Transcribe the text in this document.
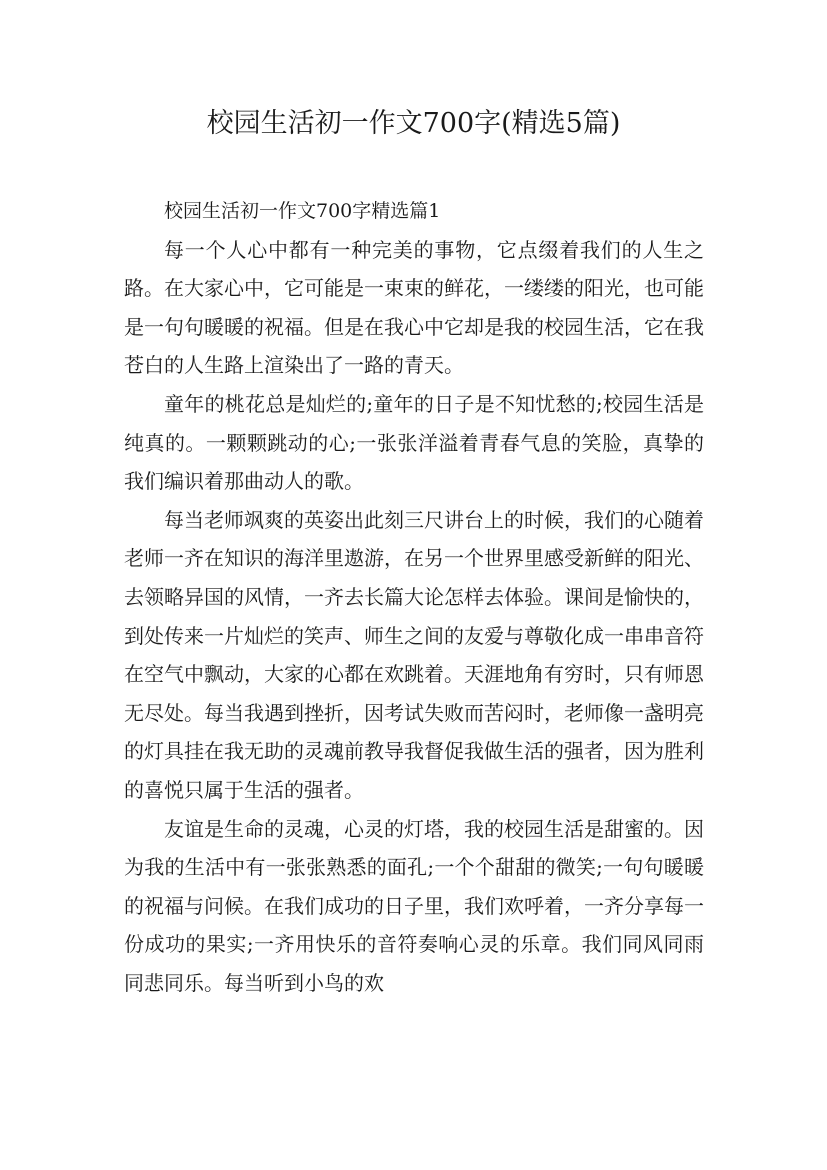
校园生活初一作文700字(精选5篇)

校园生活初一作文700字精选篇1

每一个人心中都有一种完美的事物，它点缀着我们的人生之路。在大家心中，它可能是一束束的鲜花，一缕缕的阳光，也可能是一句句暖暖的祝福。但是在我心中它却是我的校园生活，它在我苍白的人生路上渲染出了一路的青天。

童年的桃花总是灿烂的;童年的日子是不知忧愁的;校园生活是纯真的。一颗颗跳动的心;一张张洋溢着青春气息的笑脸，真挚的我们编识着那曲动人的歌。

每当老师飒爽的英姿出此刻三尺讲台上的时候，我们的心随着老师一齐在知识的海洋里遨游，在另一个世界里感受新鲜的阳光、去领略异国的风情，一齐去长篇大论怎样去体验。课间是愉快的，到处传来一片灿烂的笑声、师生之间的友爱与尊敬化成一串串音符在空气中飘动，大家的心都在欢跳着。天涯地角有穷时，只有师恩无尽处。每当我遇到挫折，因考试失败而苦闷时，老师像一盏明亮的灯具挂在我无助的灵魂前教导我督促我做生活的强者，因为胜利的喜悦只属于生活的强者。

友谊是生命的灵魂，心灵的灯塔，我的校园生活是甜蜜的。因为我的生活中有一张张熟悉的面孔;一个个甜甜的微笑;一句句暖暖的祝福与问候。在我们成功的日子里，我们欢呼着，一齐分享每一份成功的果实;一齐用快乐的音符奏响心灵的乐章。我们同风同雨同悲同乐。每当听到小鸟的欢
